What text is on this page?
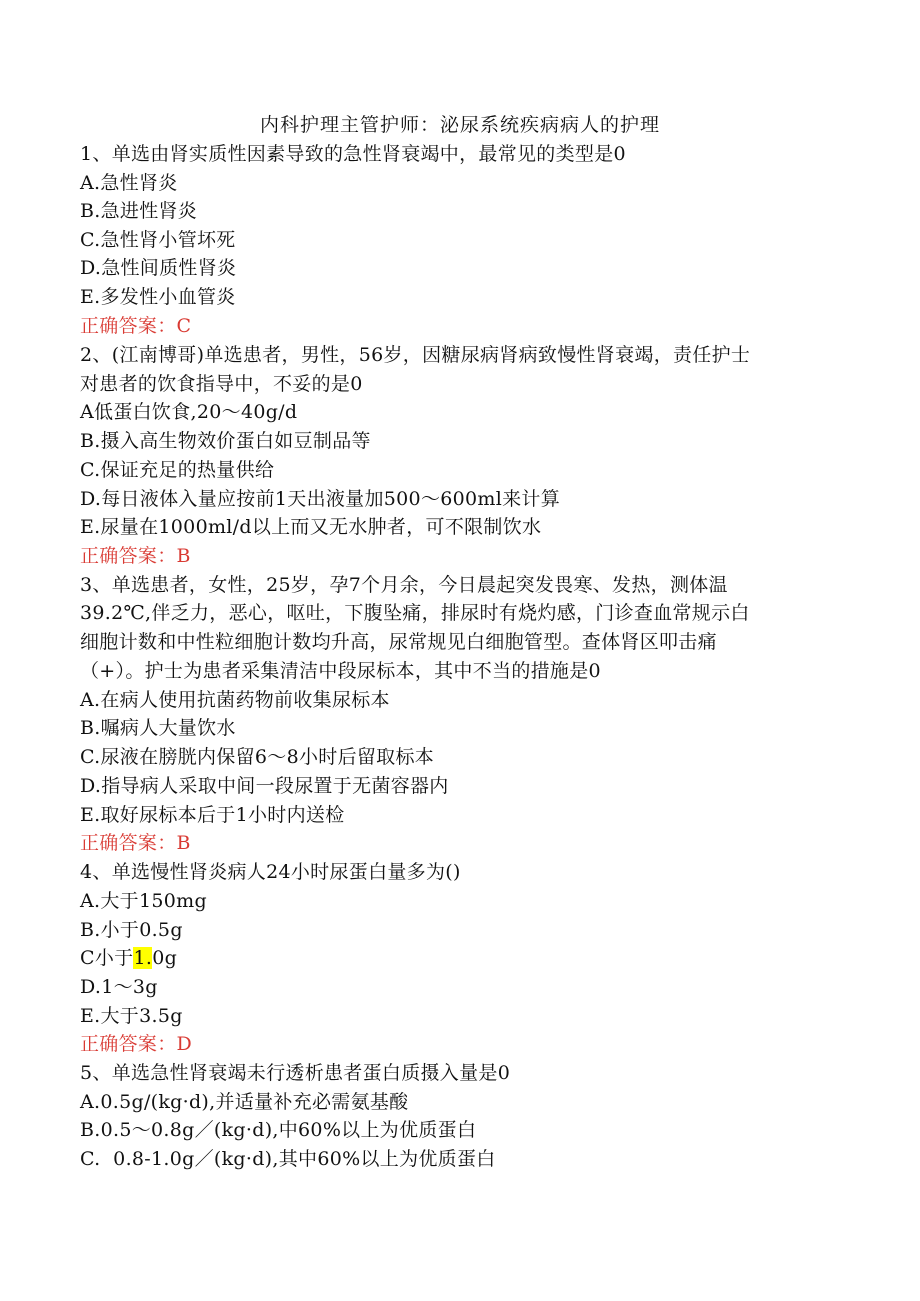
内科护理主管护师：泌尿系统疾病病人的护理
1、单选由肾实质性因素导致的急性肾衰竭中，最常见的类型是0
A.急性肾炎
B.急进性肾炎
C.急性肾小管坏死
D.急性间质性肾炎
E.多发性小血管炎
正确答案：C
2、(江南博哥)单选患者，男性，56岁，因糖尿病肾病致慢性肾衰竭，责任护士
对患者的饮食指导中，不妥的是0
A低蛋白饮食,20～40g/d
B.摄入高生物效价蛋白如豆制品等
C.保证充足的热量供给
D.每日液体入量应按前1天出液量加500～600ml来计算
E.尿量在1000ml/d以上而又无水肿者，可不限制饮水
正确答案：B
3、单选患者，女性，25岁，孕7个月余，今日晨起突发畏寒、发热，测体温
39.2℃,伴乏力，恶心，呕吐，下腹坠痛，排尿时有烧灼感，门诊查血常规示白
细胞计数和中性粒细胞计数均升高，尿常规见白细胞管型。查体肾区叩击痛
（+）。护士为患者采集清洁中段尿标本，其中不当的措施是0
A.在病人使用抗菌药物前收集尿标本
B.嘱病人大量饮水
C.尿液在膀胱内保留6～8小时后留取标本
D.指导病人采取中间一段尿置于无菌容器内
E.取好尿标本后于1小时内送检
正确答案：B
4、单选慢性肾炎病人24小时尿蛋白量多为()
A.大于150mg
B.小于0.5g
C小于1.0g
D.1～3g
E.大于3.5g
正确答案：D
5、单选急性肾衰竭未行透析患者蛋白质摄入量是0
A.0.5g/(kg·d),并适量补充必需氨基酸
B.0.5～0.8g／(kg·d),中60%以上为优质蛋白
C.  0.8-1.0g／(kg·d),其中60%以上为优质蛋白
